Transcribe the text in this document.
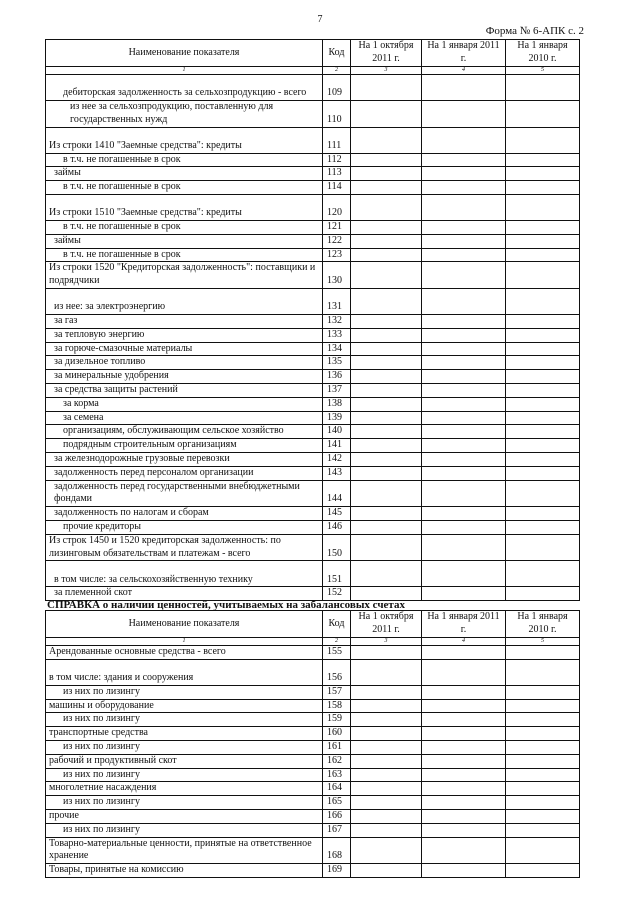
7
Форма № 6-АПК с. 2
Наименование показателя	Код	На 1 октября 2011 г.	На 1 января 2011 г.	На 1 января 2010 г.
1	2	3	4	5
дебиторская задолженность за сельхозпродукцию - всего	109			
из нее за сельхозпродукцию, поставленную для государственных нужд	110			
Из строки 1410 "Заемные средства": кредиты	111			
в т.ч. не погашенные в срок	112			
займы	113			
в т.ч. не погашенные в срок	114			
Из строки 1510 "Заемные средства": кредиты	120			
в т.ч. не погашенные в срок	121			
займы	122			
в т.ч. не погашенные в срок	123			
Из строки 1520 "Кредиторская задолженность": поставщики и подрядчики	130			
из нее: за электроэнергию	131			
за газ	132			
за тепловую энергию	133			
за горюче-смазочные материалы	134			
за дизельное топливо	135			
за минеральные удобрения	136			
за средства защиты растений	137			
за корма	138			
за семена	139			
организациям, обслуживающим сельское хозяйство	140			
подрядным строительным организациям	141			
за железнодорожные грузовые перевозки	142			
задолженность перед персоналом организации	143			
задолженность перед государственными внебюджетными фондами	144			
задолженность по налогам и сборам	145			
прочие кредиторы	146			
Из строк 1450 и 1520 кредиторская задолженность: по лизинговым обязательствам и платежам - всего	150			
в том числе: за сельскохозяйственную технику	151			
за племенной скот	152			
СПРАВКА о наличии ценностей, учитываемых на забалансовых счетах
Наименование показателя	Код	На 1 октября 2011 г.	На 1 января 2011 г.	На 1 января 2010 г.
1	2	3	4	5
Арендованные основные средства - всего	155			
в том числе: здания и сооружения	156			
из них по лизингу	157			
машины и оборудование	158			
из них по лизингу	159			
транспортные средства	160			
из них по лизингу	161			
рабочий и продуктивный скот	162			
из них по лизингу	163			
многолетние насаждения	164			
из них по лизингу	165			
прочие	166			
из них по лизингу	167			
Товарно-материальные ценности, принятые на ответственное хранение	168			
Товары, принятые на комиссию	169			
